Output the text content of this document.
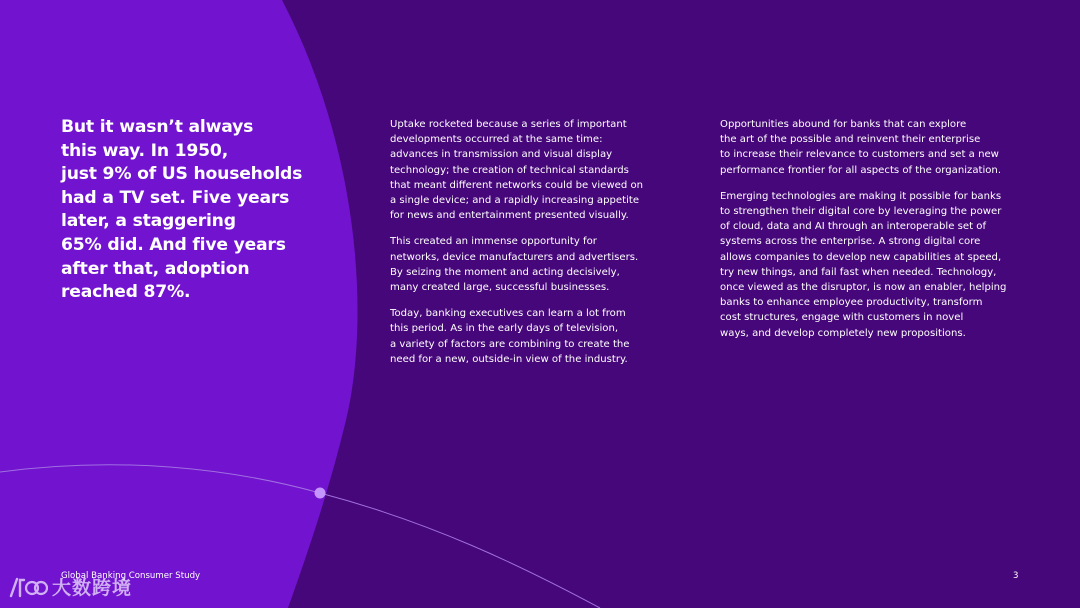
But it wasn’t always
this way. In 1950,
just 9% of US households
had a TV set. Five years
later, a staggering
65% did. And five years
after that, adoption
reached 87%.

Uptake rocketed because a series of important
developments occurred at the same time:
advances in transmission and visual display
technology; the creation of technical standards
that meant different networks could be viewed on
a single device; and a rapidly increasing appetite
for news and entertainment presented visually.

This created an immense opportunity for
networks, device manufacturers and advertisers.
By seizing the moment and acting decisively,
many created large, successful businesses.

Today, banking executives can learn a lot from
this period. As in the early days of television,
a variety of factors are combining to create the
need for a new, outside-in view of the industry.

Opportunities abound for banks that can explore
the art of the possible and reinvent their enterprise
to increase their relevance to customers and set a new
performance frontier for all aspects of the organization.

Emerging technologies are making it possible for banks
to strengthen their digital core by leveraging the power
of cloud, data and AI through an interoperable set of
systems across the enterprise. A strong digital core
allows companies to develop new capabilities at speed,
try new things, and fail fast when needed. Technology,
once viewed as the disruptor, is now an enabler, helping
banks to enhance employee productivity, transform
cost structures, engage with customers in novel
ways, and develop completely new propositions.

Global Banking Consumer Study	3
大数跨境
